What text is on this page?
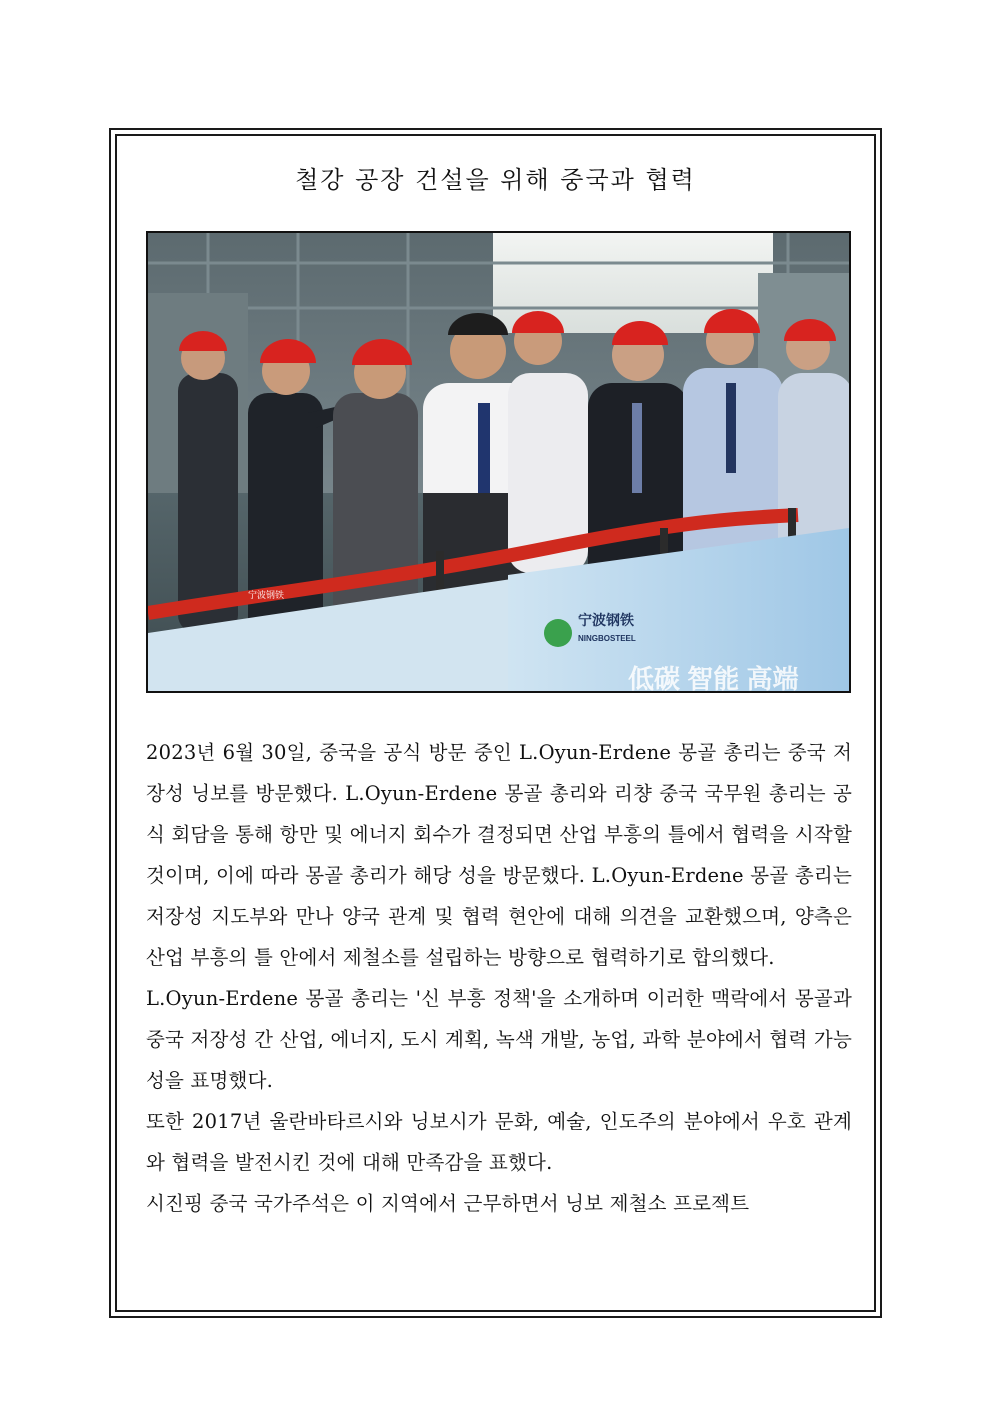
철강 공장 건설을 위해 중국과 협력
宁波钢铁
宁波钢铁
NINGBOSTEEL
低碳 智能 高端

2023년 6월 30일, 중국을 공식 방문 중인 L.Oyun-Erdene 몽골 총리는 중국 저장성 닝보를 방문했다. L.Oyun-Erdene 몽골 총리와 리챵 중국 국무원 총리는 공식 회담을 통해 항만 및 에너지 회수가 결정되면 산업 부흥의 틀에서 협력을 시작할 것이며, 이에 따라 몽골 총리가 해당 성을 방문했다. L.Oyun-Erdene 몽골 총리는 저장성 지도부와 만나 양국 관계 및 협력 현안에 대해 의견을 교환했으며, 양측은 산업 부흥의 틀 안에서 제철소를 설립하는 방향으로 협력하기로 합의했다.

L.Oyun-Erdene 몽골 총리는 '신 부흥 정책'을 소개하며 이러한 맥락에서 몽골과 중국 저장성 간 산업, 에너지, 도시 계획, 녹색 개발, 농업, 과학 분야에서 협력 가능성을 표명했다.

또한 2017년 울란바타르시와 닝보시가 문화, 예술, 인도주의 분야에서 우호 관계와 협력을 발전시킨 것에 대해 만족감을 표했다.

시진핑 중국 국가주석은 이 지역에서 근무하면서 닝보 제철소 프로젝트
